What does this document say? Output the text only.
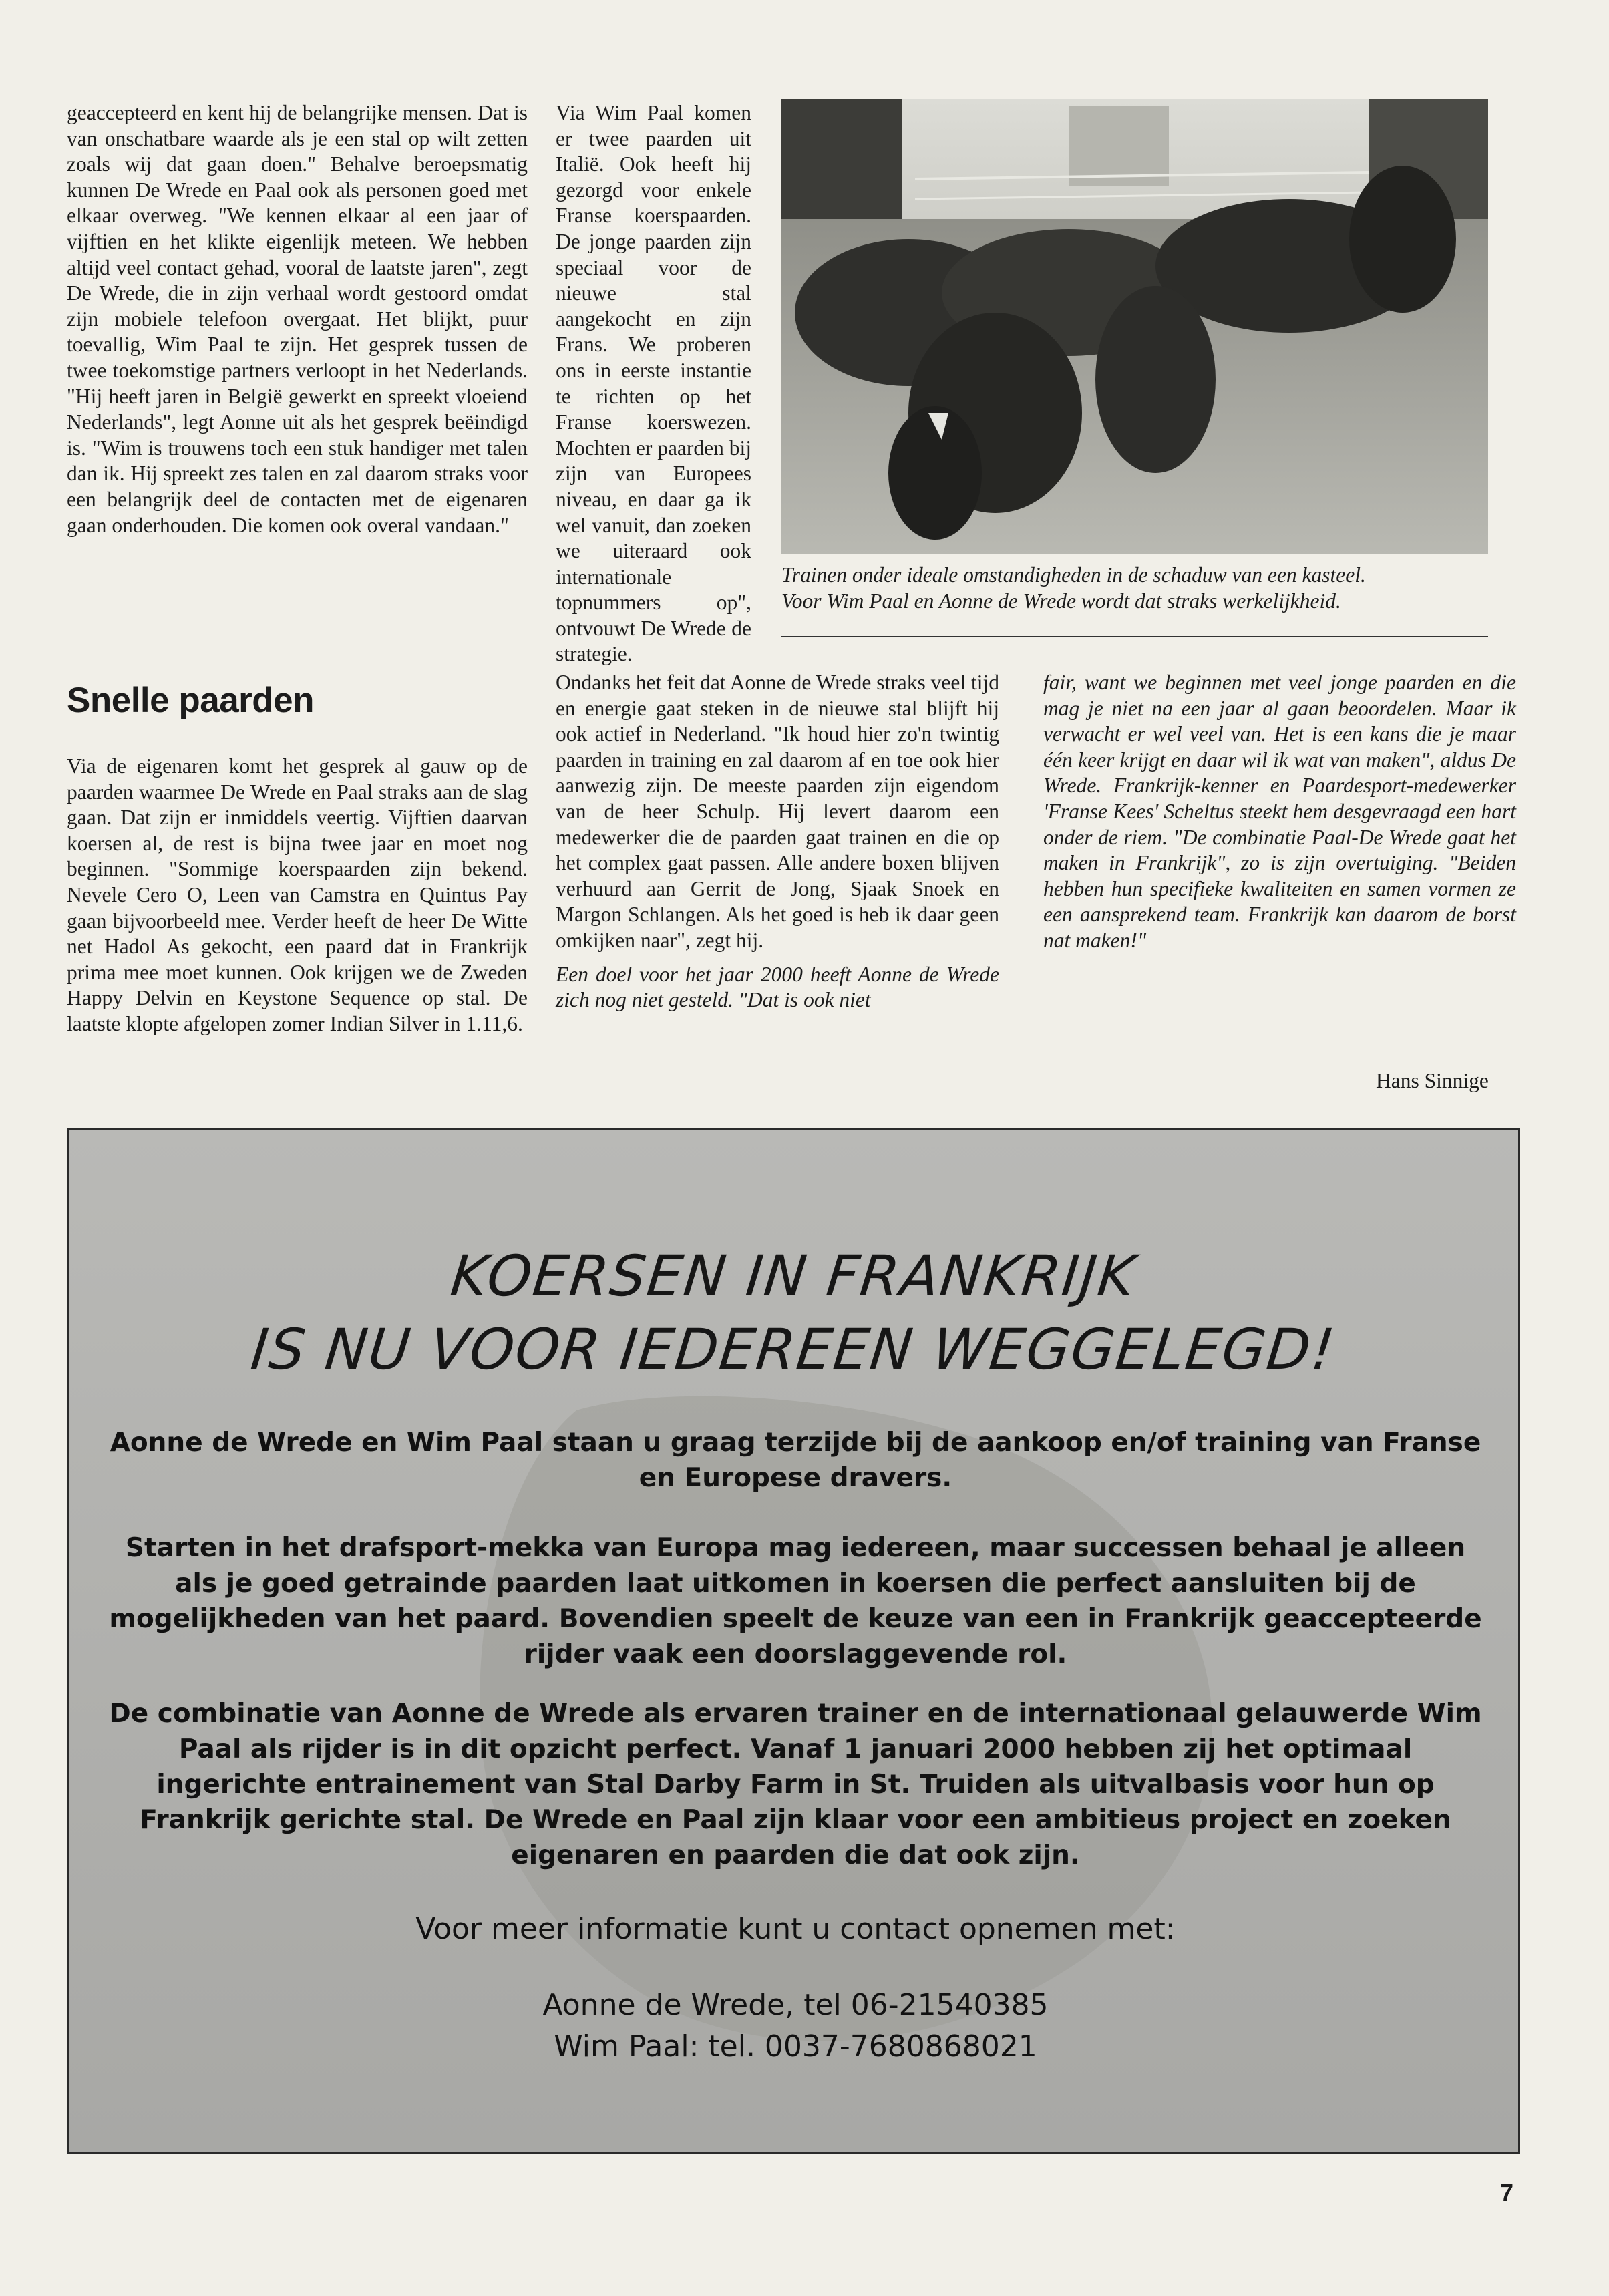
geaccepteerd en kent hij de belangrijke mensen. Dat is van onschatbare waarde als je een stal op wilt zetten zoals wij dat gaan doen." Behalve beroepsmatig kunnen De Wrede en Paal ook als personen goed met elkaar overweg. "We kennen elkaar al een jaar of vijftien en het klikte eigenlijk meteen. We hebben altijd veel contact gehad, vooral de laatste jaren", zegt De Wrede, die in zijn verhaal wordt gestoord omdat zijn mobiele telefoon overgaat. Het blijkt, puur toevallig, Wim Paal te zijn. Het gesprek tussen de twee toekomstige partners verloopt in het Nederlands. "Hij heeft jaren in België gewerkt en spreekt vloeiend Nederlands", legt Aonne uit als het gesprek beëindigd is. "Wim is trouwens toch een stuk handiger met talen dan ik. Hij spreekt zes talen en zal daarom straks voor een belangrijk deel de contacten met de eigenaren gaan onderhouden. Die komen ook overal vandaan."

Snelle paarden

Via de eigenaren komt het gesprek al gauw op de paarden waarmee De Wrede en Paal straks aan de slag gaan. Dat zijn er inmiddels veertig. Vijftien daarvan koersen al, de rest is bijna twee jaar en moet nog beginnen. "Sommige koerspaarden zijn bekend. Nevele Cero O, Leen van Camstra en Quintus Pay gaan bijvoorbeeld mee. Verder heeft de heer De Witte net Hadol As gekocht, een paard dat in Frankrijk prima mee moet kunnen. Ook krijgen we de Zweden Happy Delvin en Keystone Sequence op stal. De laatste klopte afgelopen zomer Indian Silver in 1.11,6.

Via Wim Paal komen er twee paarden uit Italië. Ook heeft hij gezorgd voor enkele Franse koerspaarden. De jonge paarden zijn speciaal voor de nieuwe stal aangekocht en zijn Frans. We proberen ons in eerste instantie te richten op het Franse koerswezen. Mochten er paarden bij zijn van Europees niveau, en daar ga ik wel vanuit, dan zoeken we uiteraard ook internationale topnummers op", ontvouwt De Wrede de strategie.

Trainen onder ideale omstandigheden in de schaduw van een kasteel.
Voor Wim Paal en Aonne de Wrede wordt dat straks werkelijkheid.

Ondanks het feit dat Aonne de Wrede straks veel tijd en energie gaat steken in de nieuwe stal blijft hij ook actief in Nederland. "Ik houd hier zo'n twintig paarden in training en zal daarom af en toe ook hier aanwezig zijn. De meeste paarden zijn eigendom van de heer Schulp. Hij levert daarom een medewerker die de paarden gaat trainen en die op het complex gaat passen. Alle andere boxen blijven verhuurd aan Gerrit de Jong, Sjaak Snoek en Margon Schlangen. Als het goed is heb ik daar geen omkijken naar", zegt hij.

Een doel voor het jaar 2000 heeft Aonne de Wrede zich nog niet gesteld. "Dat is ook niet

fair, want we beginnen met veel jonge paarden en die mag je niet na een jaar al gaan beoordelen. Maar ik verwacht er wel veel van. Het is een kans die je maar één keer krijgt en daar wil ik wat van maken", aldus De Wrede. Frankrijk-kenner en Paardesport-medewerker 'Franse Kees' Scheltus steekt hem desgevraagd een hart onder de riem. "De combinatie Paal-De Wrede gaat het maken in Frankrijk", zo is zijn overtuiging. "Beiden hebben hun specifieke kwaliteiten en samen vormen ze een aansprekend team. Frankrijk kan daarom de borst nat maken!"

Hans Sinnige
KOERSEN IN FRANKRIJK
IS NU VOOR IEDEREEN WEGGELEGD!

Aonne de Wrede en Wim Paal staan u graag terzijde bij de aankoop en/of training van Franse en Europese dravers.

Starten in het drafsport-mekka van Europa mag iedereen, maar successen behaal je alleen als je goed getrainde paarden laat uitkomen in koersen die perfect aansluiten bij de mogelijkheden van het paard. Bovendien speelt de keuze van een in Frankrijk geaccepteerde rijder vaak een doorslaggevende rol.

De combinatie van Aonne de Wrede als ervaren trainer en de internationaal gelauwerde Wim Paal als rijder is in dit opzicht perfect. Vanaf 1 januari 2000 hebben zij het optimaal ingerichte entrainement van Stal Darby Farm in St. Truiden als uitvalbasis voor hun op Frankrijk gerichte stal. De Wrede en Paal zijn klaar voor een ambitieus project en zoeken eigenaren en paarden die dat ook zijn.

Voor meer informatie kunt u contact opnemen met:

Aonne de Wrede, tel 06-21540385
Wim Paal: tel. 0037-7680868021

7
